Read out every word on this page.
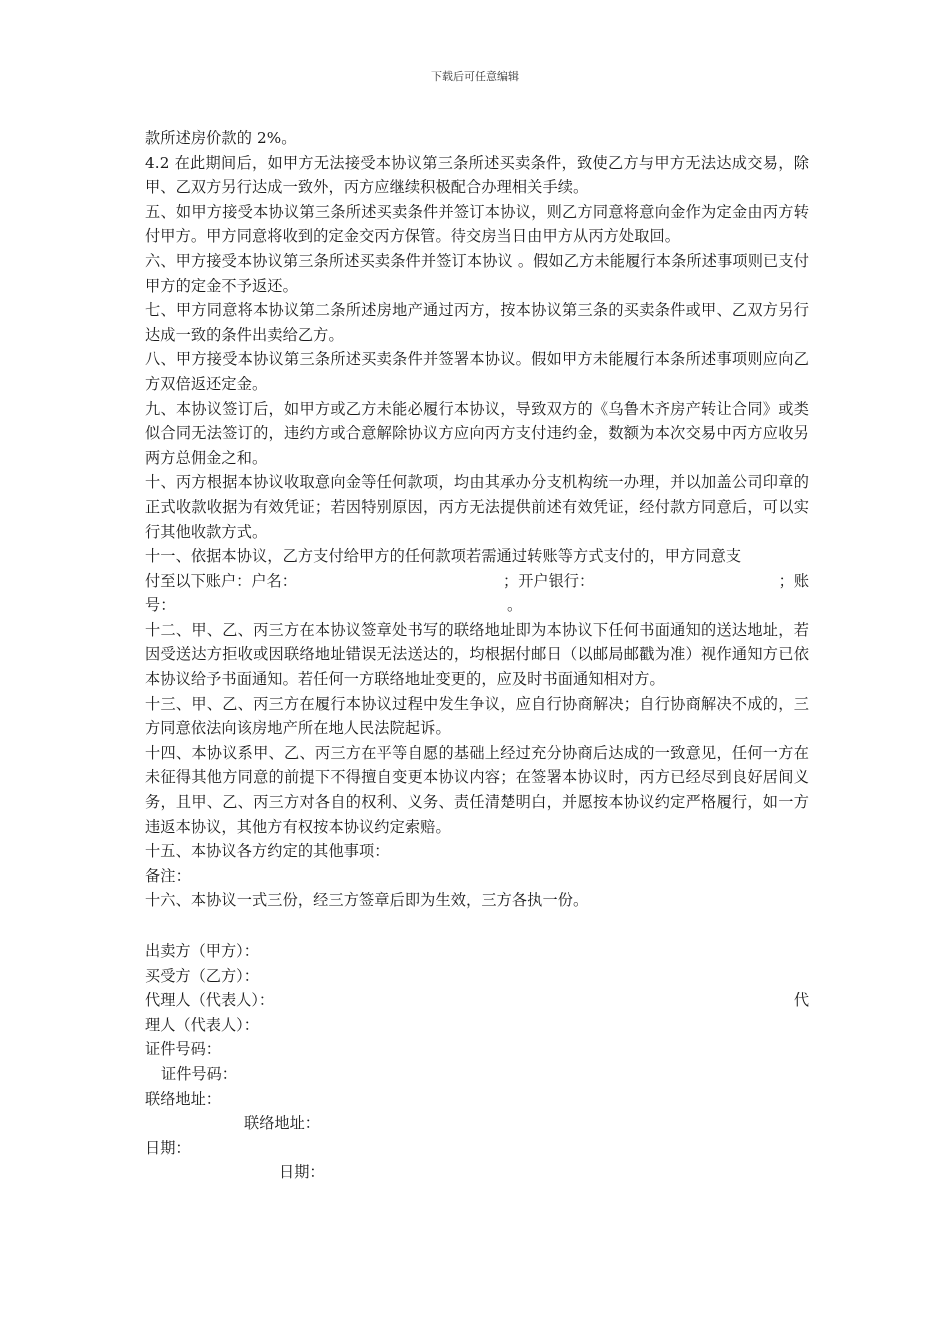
下载后可任意编辑

款所述房价款的 2%。

4.2 在此期间后，如甲方无法接受本协议第三条所述买卖条件，致使乙方与甲方无法达成交易，除甲、乙双方另行达成一致外，丙方应继续积极配合办理相关手续。

五、如甲方接受本协议第三条所述买卖条件并签订本协议，则乙方同意将意向金作为定金由丙方转付甲方。甲方同意将收到的定金交丙方保管。待交房当日由甲方从丙方处取回。

六、甲方接受本协议第三条所述买卖条件并签订本协议 。假如乙方未能履行本条所述事项则已支付甲方的定金不予返还。

七、甲方同意将本协议第二条所述房地产通过丙方，按本协议第三条的买卖条件或甲、乙双方另行达成一致的条件出卖给乙方。

八、甲方接受本协议第三条所述买卖条件并签署本协议。假如甲方未能履行本条所述事项则应向乙方双倍返还定金。

九、本协议签订后，如甲方或乙方未能必履行本协议，导致双方的《乌鲁木齐房产转让合同》或类似合同无法签订的，违约方或合意解除协议方应向丙方支付违约金，数额为本次交易中丙方应收另两方总佣金之和。

十、丙方根据本协议收取意向金等任何款项，均由其承办分支机构统一办理，并以加盖公司印章的正式收款收据为有效凭证；若因特别原因，丙方无法提供前述有效凭证，经付款方同意后，可以实行其他收款方式。

十一、依据本协议，乙方支付给甲方的任何款项若需通过转账等方式支付的，甲方同意支

付至以下账户：户名：	；开户银行：	；账
号：	。

十二、甲、乙、丙三方在本协议签章处书写的联络地址即为本协议下任何书面通知的送达地址，若因受送达方拒收或因联络地址错误无法送达的，均根据付邮日（以邮局邮戳为准）视作通知方已依本协议给予书面通知。若任何一方联络地址变更的，应及时书面通知相对方。

十三、甲、乙、丙三方在履行本协议过程中发生争议，应自行协商解决；自行协商解决不成的，三方同意依法向该房地产所在地人民法院起诉。

十四、本协议系甲、乙、丙三方在平等自愿的基础上经过充分协商后达成的一致意见，任何一方在未征得其他方同意的前提下不得擅自变更本协议内容；在签署本协议时，丙方已经尽到良好居间义务，且甲、乙、丙三方对各自的权利、义务、责任清楚明白，并愿按本协议约定严格履行，如一方违返本协议，其他方有权按本协议约定索赔。

十五、本协议各方约定的其他事项：

备注：

十六、本协议一式三份，经三方签章后即为生效，三方各执一份。

出卖方（甲方）：
买受方（乙方）：
代理人（代表人）：	代
理人（代表人）：
证件号码：
证件号码：
联络地址：
联络地址：
日期：
日期：
